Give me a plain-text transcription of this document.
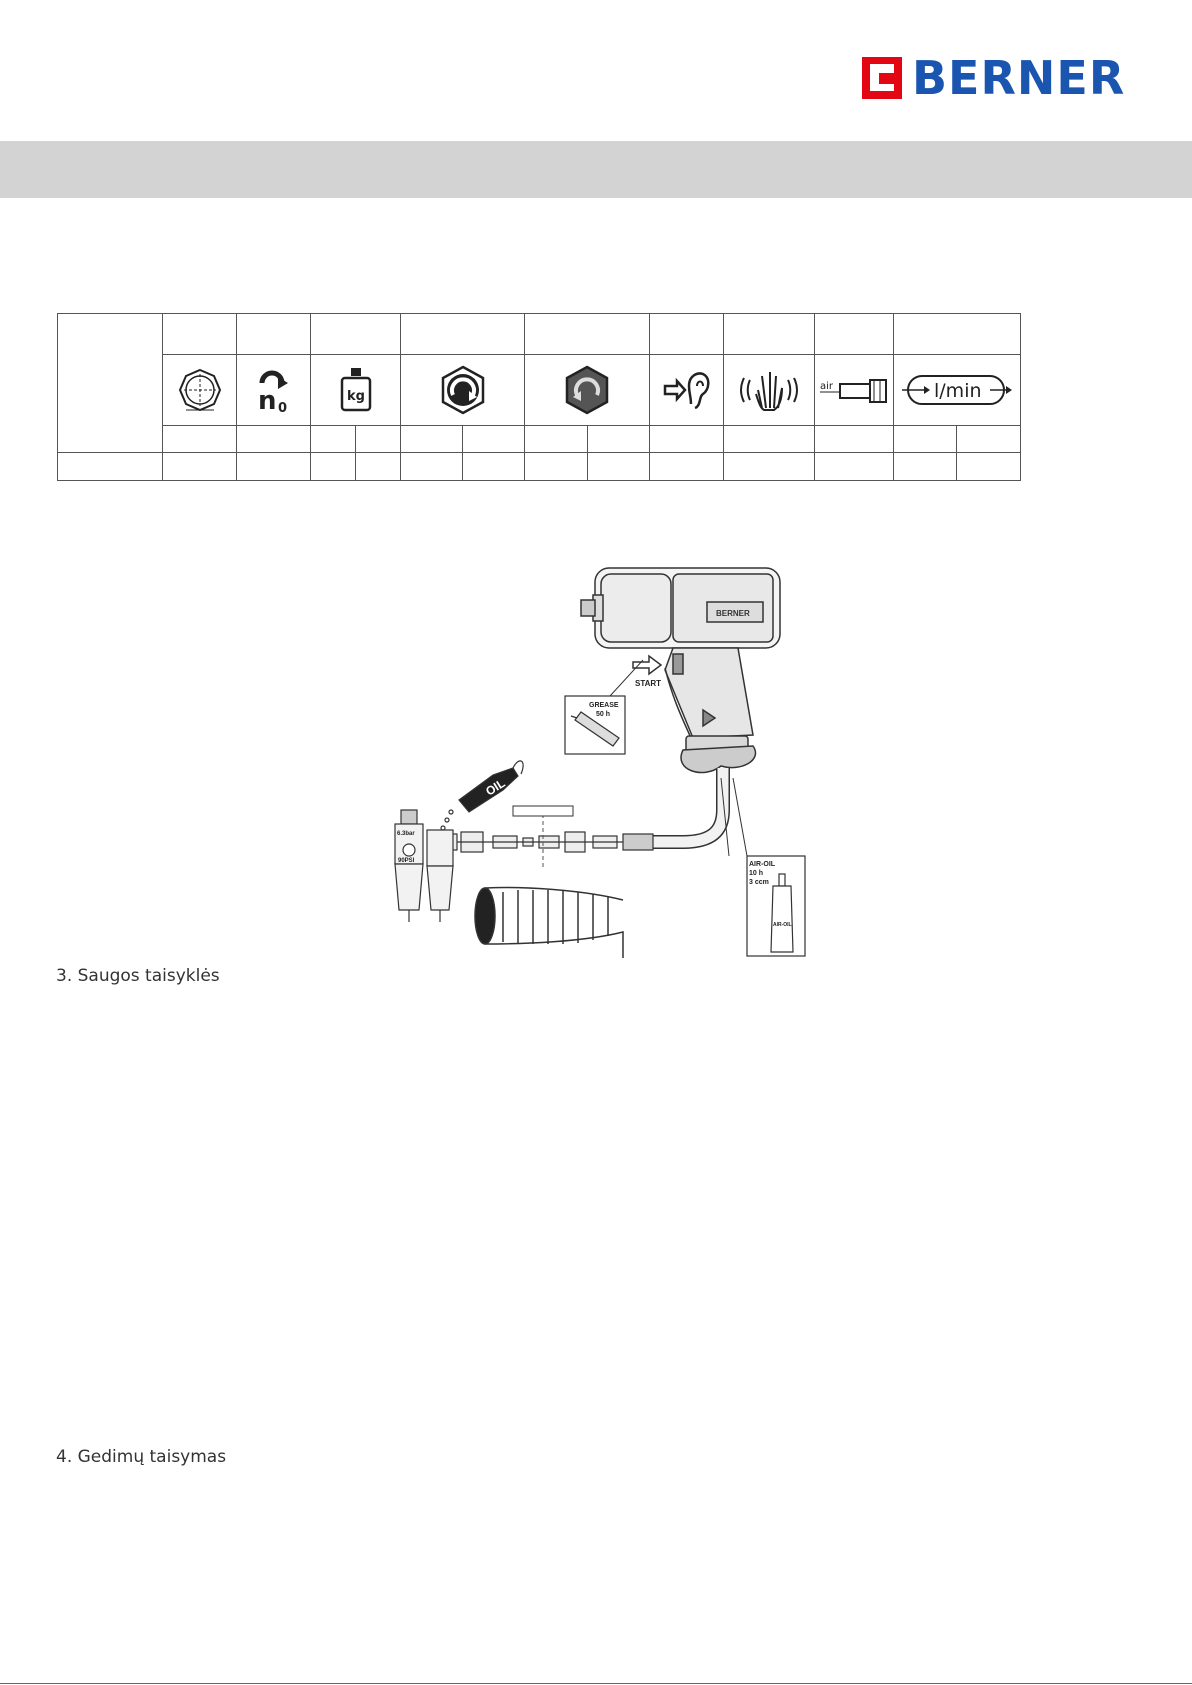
BERNER

n 0	kg								air	l/min	

BERNER
START
GREASE
50 h
6.3bar
90PSI
OIL
AIR-OIL
10 h
3 ccm
AIR-OIL
3. Saugos taisyklės
4. Gedimų taisymas
